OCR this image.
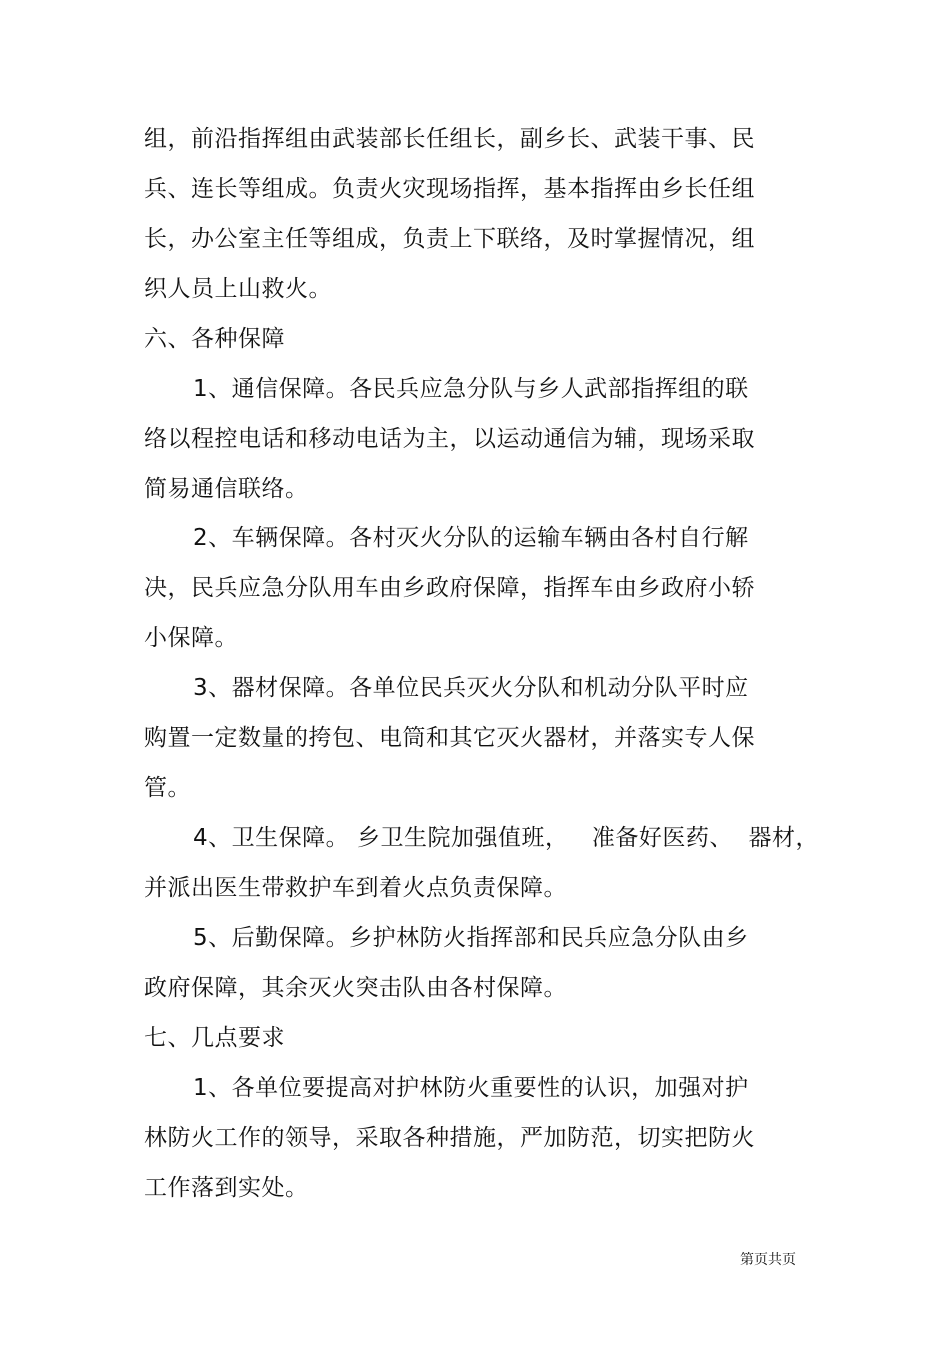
组，前沿指挥组由武装部长任组长，副乡长、武装干事、民
兵、连长等组成。负责火灾现场指挥，基本指挥由乡长任组
长，办公室主任等组成，负责上下联络，及时掌握情况，组
织人员上山救火。
六、各种保障
1、通信保障。各民兵应急分队与乡人武部指挥组的联
络以程控电话和移动电话为主，以运动通信为辅，现场采取
简易通信联络。
2、车辆保障。各村灭火分队的运输车辆由各村自行解
决，民兵应急分队用车由乡政府保障，指挥车由乡政府小轿
小保障。
3、器材保障。各单位民兵灭火分队和机动分队平时应
购置一定数量的挎包、电筒和其它灭火器材，并落实专人保
管。
4、卫生保障。 乡卫生院加强值班，   准备好医药、  器材，
并派出医生带救护车到着火点负责保障。
5、后勤保障。乡护林防火指挥部和民兵应急分队由乡
政府保障，其余灭火突击队由各村保障。
七、几点要求
1、各单位要提高对护林防火重要性的认识，加强对护
林防火工作的领导，采取各种措施，严加防范，切实把防火
工作落到实处。
第页共页
